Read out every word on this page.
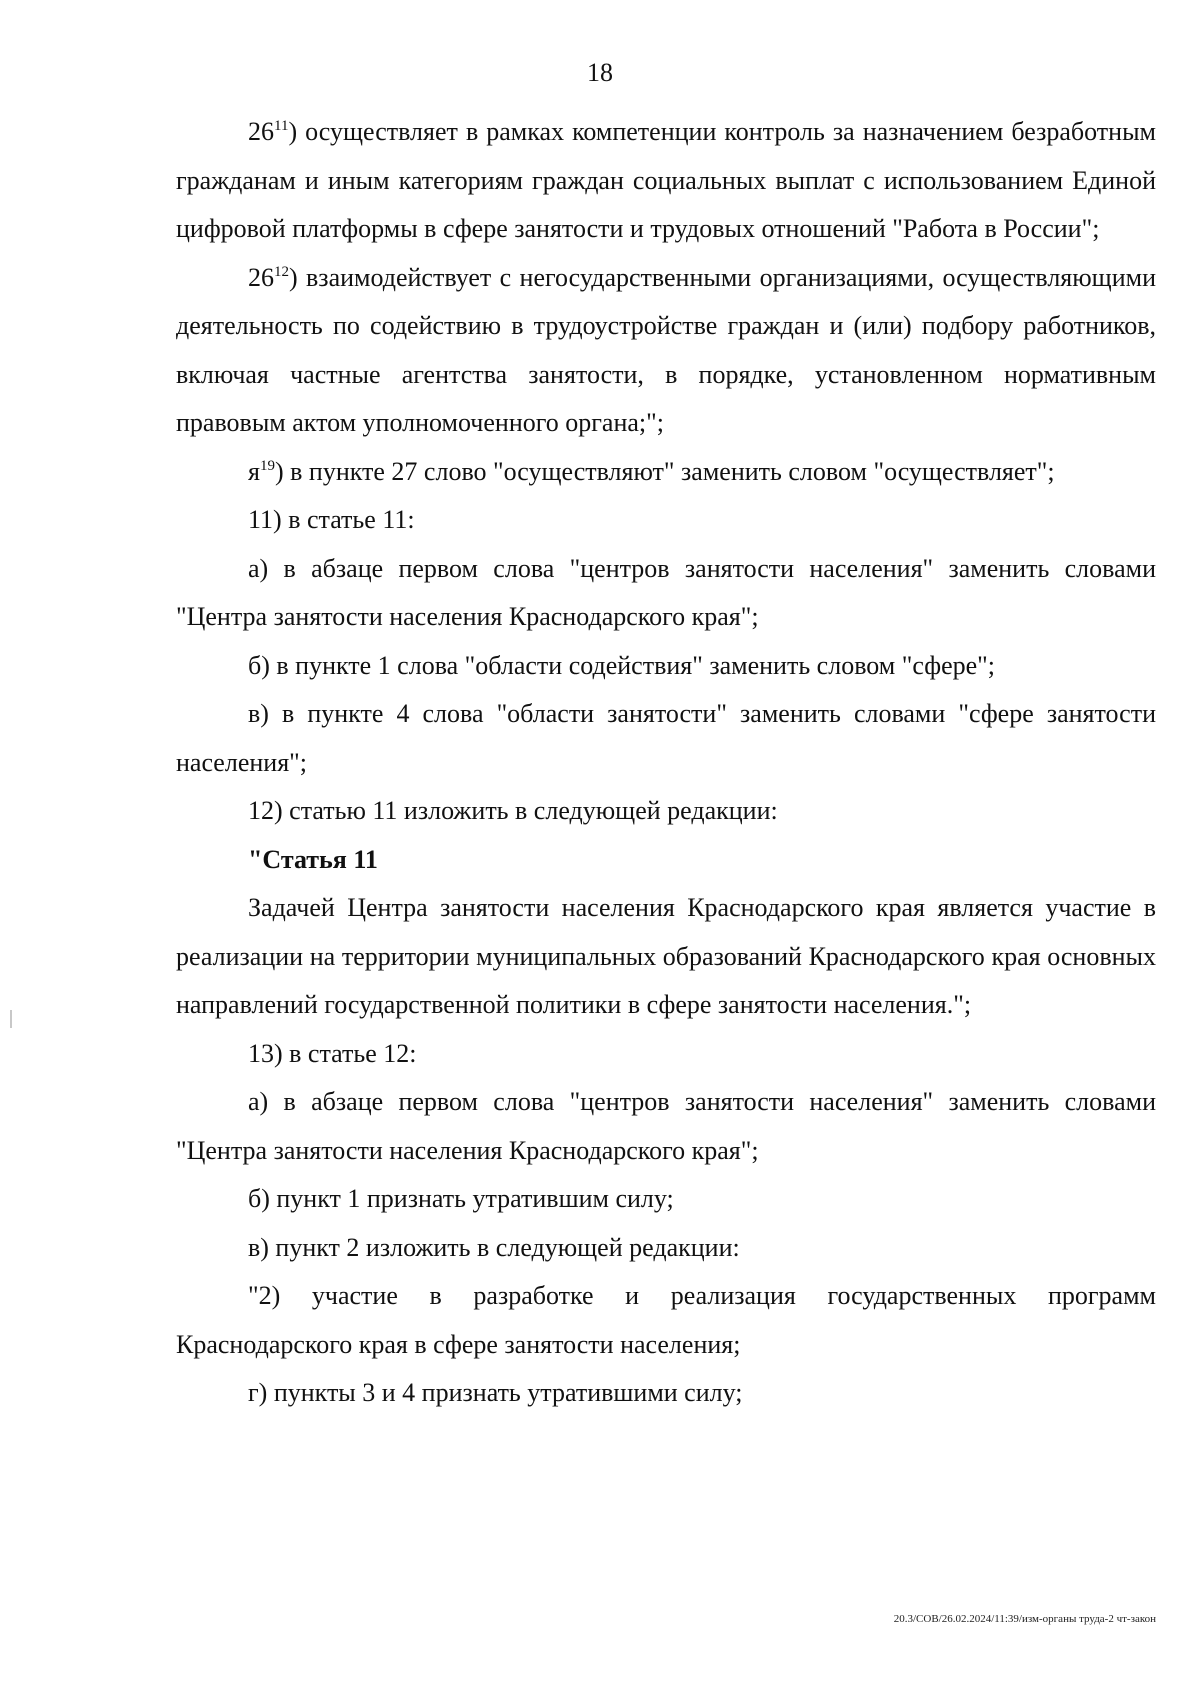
18

$26^{11}$) осуществляет в рамках компетенции контроль за назначением безработным гражданам и иным категориям граждан социальных выплат с использованием Единой цифровой платформы в сфере занятости и трудовых отношений "Работа в России";

$26^{12}$) взаимодействует с негосударственными организациями, осуществляющими деятельность по содействию в трудоустройстве граждан и (или) подбору работников, включая частные агентства занятости, в порядке, установленном нормативным правовым актом уполномоченного органа;";

$я^{19}$) в пункте 27 слово "осуществляют" заменить словом "осуществляет";

11) в статье 11:

а) в абзаце первом слова "центров занятости населения" заменить словами "Центра занятости населения Краснодарского края";

б) в пункте 1 слова "области содействия" заменить словом "сфере";

в) в пункте 4 слова "области занятости" заменить словами "сфере занятости населения";

12) статью 11 изложить в следующей редакции:

"Статья 11

Задачей Центра занятости населения Краснодарского края является участие в реализации на территории муниципальных образований Краснодарского края основных направлений государственной политики в сфере занятости населения.";

13) в статье 12:

а) в абзаце первом слова "центров занятости населения" заменить словами "Центра занятости населения Краснодарского края";

б) пункт 1 признать утратившим силу;

в) пункт 2 изложить в следующей редакции:

"2) участие в разработке и реализация государственных программ Краснодарского края в сфере занятости населения;

г) пункты 3 и 4 признать утратившими силу;

20.3/СОВ/26.02.2024/11:39/изм-органы труда-2 чт-закон
